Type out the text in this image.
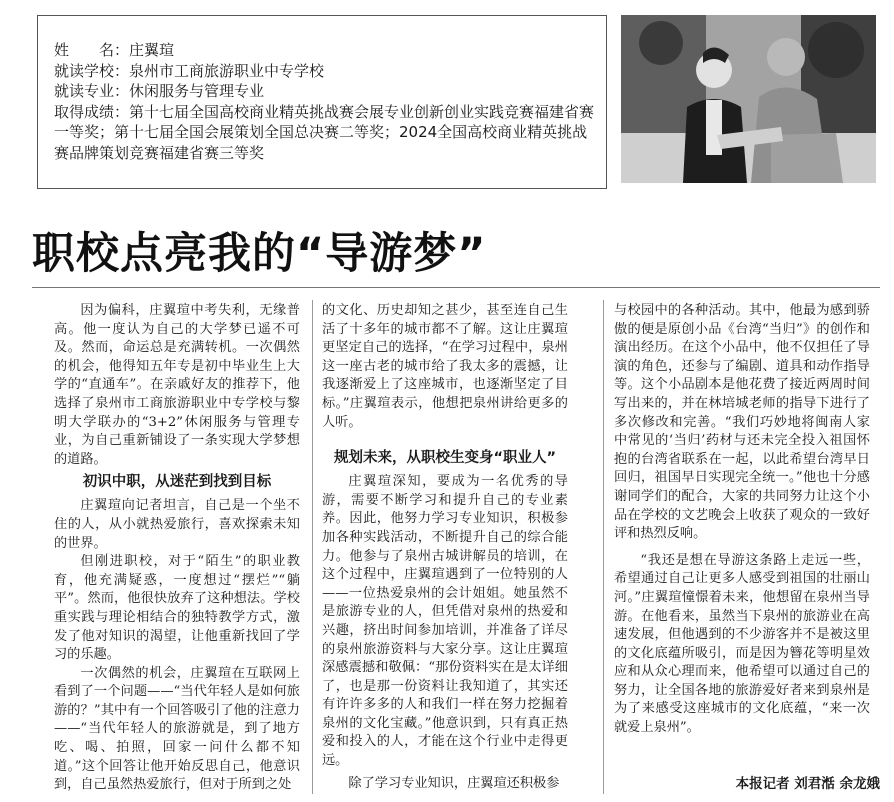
姓　　名：庄翼瑄

就读学校：泉州市工商旅游职业中专学校

就读专业：休闲服务与管理专业

取得成绩：第十七届全国高校商业精英挑战赛会展专业创新创业实践竞赛福建省赛一等奖；第十七届全国会展策划全国总决赛二等奖；2024全国高校商业精英挑战赛品牌策划竞赛福建省赛三等奖

职校点亮我的“导游梦”

因为偏科，庄翼瑄中考失利，无缘普高。他一度认为自己的大学梦已遥不可及。然而，命运总是充满转机。一次偶然的机会，他得知五年专是初中毕业生上大学的“直通车”。在亲戚好友的推荐下，他选择了泉州市工商旅游职业中专学校与黎明大学联办的“3+2”休闲服务与管理专业，为自己重新铺设了一条实现大学梦想的道路。

初识中职，从迷茫到找到目标

庄翼瑄向记者坦言，自己是一个坐不住的人，从小就热爱旅行，喜欢探索未知的世界。

但刚进职校，对于“陌生”的职业教育，他充满疑惑，一度想过“摆烂”“躺平”。然而，他很快放弃了这种想法。学校重实践与理论相结合的独特教学方式，激发了他对知识的渴望，让他重新找回了学习的乐趣。

一次偶然的机会，庄翼瑄在互联网上看到了一个问题——“当代年轻人是如何旅游的？”其中有一个回答吸引了他的注意力——“当代年轻人的旅游就是，到了地方吃、喝、拍照，回家一问什么都不知道。”这个回答让他开始反思自己，他意识到，自己虽然热爱旅行，但对于所到之处

的文化、历史却知之甚少，甚至连自己生活了十多年的城市都不了解。这让庄翼瑄更坚定自己的选择，“在学习过程中，泉州这一座古老的城市给了我太多的震撼，让我逐渐爱上了这座城市，也逐渐坚定了目标。”庄翼瑄表示，他想把泉州讲给更多的人听。

规划未来，从职校生变身“职业人”

庄翼瑄深知，要成为一名优秀的导游，需要不断学习和提升自己的专业素养。因此，他努力学习专业知识，积极参加各种实践活动，不断提升自己的综合能力。他参与了泉州古城讲解员的培训，在这个过程中，庄翼瑄遇到了一位特别的人——一位热爱泉州的会计姐姐。她虽然不是旅游专业的人，但凭借对泉州的热爱和兴趣，挤出时间参加培训，并准备了详尽的泉州旅游资料与大家分享。这让庄翼瑄深感震撼和敬佩：“那份资料实在是太详细了，也是那一份资料让我知道了，其实还有许许多多的人和我们一样在努力挖掘着泉州的文化宝藏。”他意识到，只有真正热爱和投入的人，才能在这个行业中走得更远。

除了学习专业知识，庄翼瑄还积极参

与校园中的各种活动。其中，他最为感到骄傲的便是原创小品《台湾“当归”》的创作和演出经历。在这个小品中，他不仅担任了导演的角色，还参与了编剧、道具和动作指导等。这个小品剧本是他花费了接近两周时间写出来的，并在林培城老师的指导下进行了多次修改和完善。“我们巧妙地将闽南人家中常见的‘当归’药材与还未完全投入祖国怀抱的台湾省联系在一起，以此希望台湾早日回归，祖国早日实现完全统一。”他也十分感谢同学们的配合，大家的共同努力让这个小品在学校的文艺晚会上收获了观众的一致好评和热烈反响。

“我还是想在导游这条路上走远一些，希望通过自己让更多人感受到祖国的壮丽山河。”庄翼瑄憧憬着未来，他想留在泉州当导游。在他看来，虽然当下泉州的旅游业在高速发展，但他遇到的不少游客并不是被这里的文化底蕴所吸引，而是因为簪花等明星效应和从众心理而来，他希望可以通过自己的努力，让全国各地的旅游爱好者来到泉州是为了来感受这座城市的文化底蕴，“来一次就爱上泉州”。

本报记者 刘君湉 余龙娥
